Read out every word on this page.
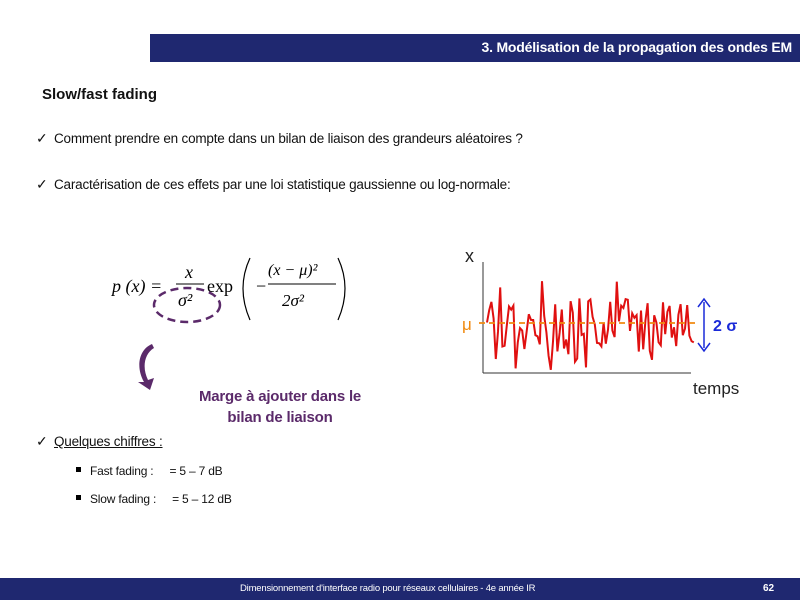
3. Modélisation de la propagation des ondes EM
Slow/fast fading
✓ Comment prendre en compte dans un bilan de liaison des grandeurs aléatoires ?
✓ Caractérisation de ces effets par une loi statistique gaussienne ou log-normale:
p (x) =
x
σ²
exp −
(x − μ)²
2σ²
Marge à ajouter dans le
bilan de liaison
✓ Quelques chiffres :
Fast fading : = 5 – 7 dB
Slow fading : = 5 – 12 dB
x
temps
μ	2 σ
Dimensionnement d'interface radio pour réseaux cellulaires - 4e année IR	62
